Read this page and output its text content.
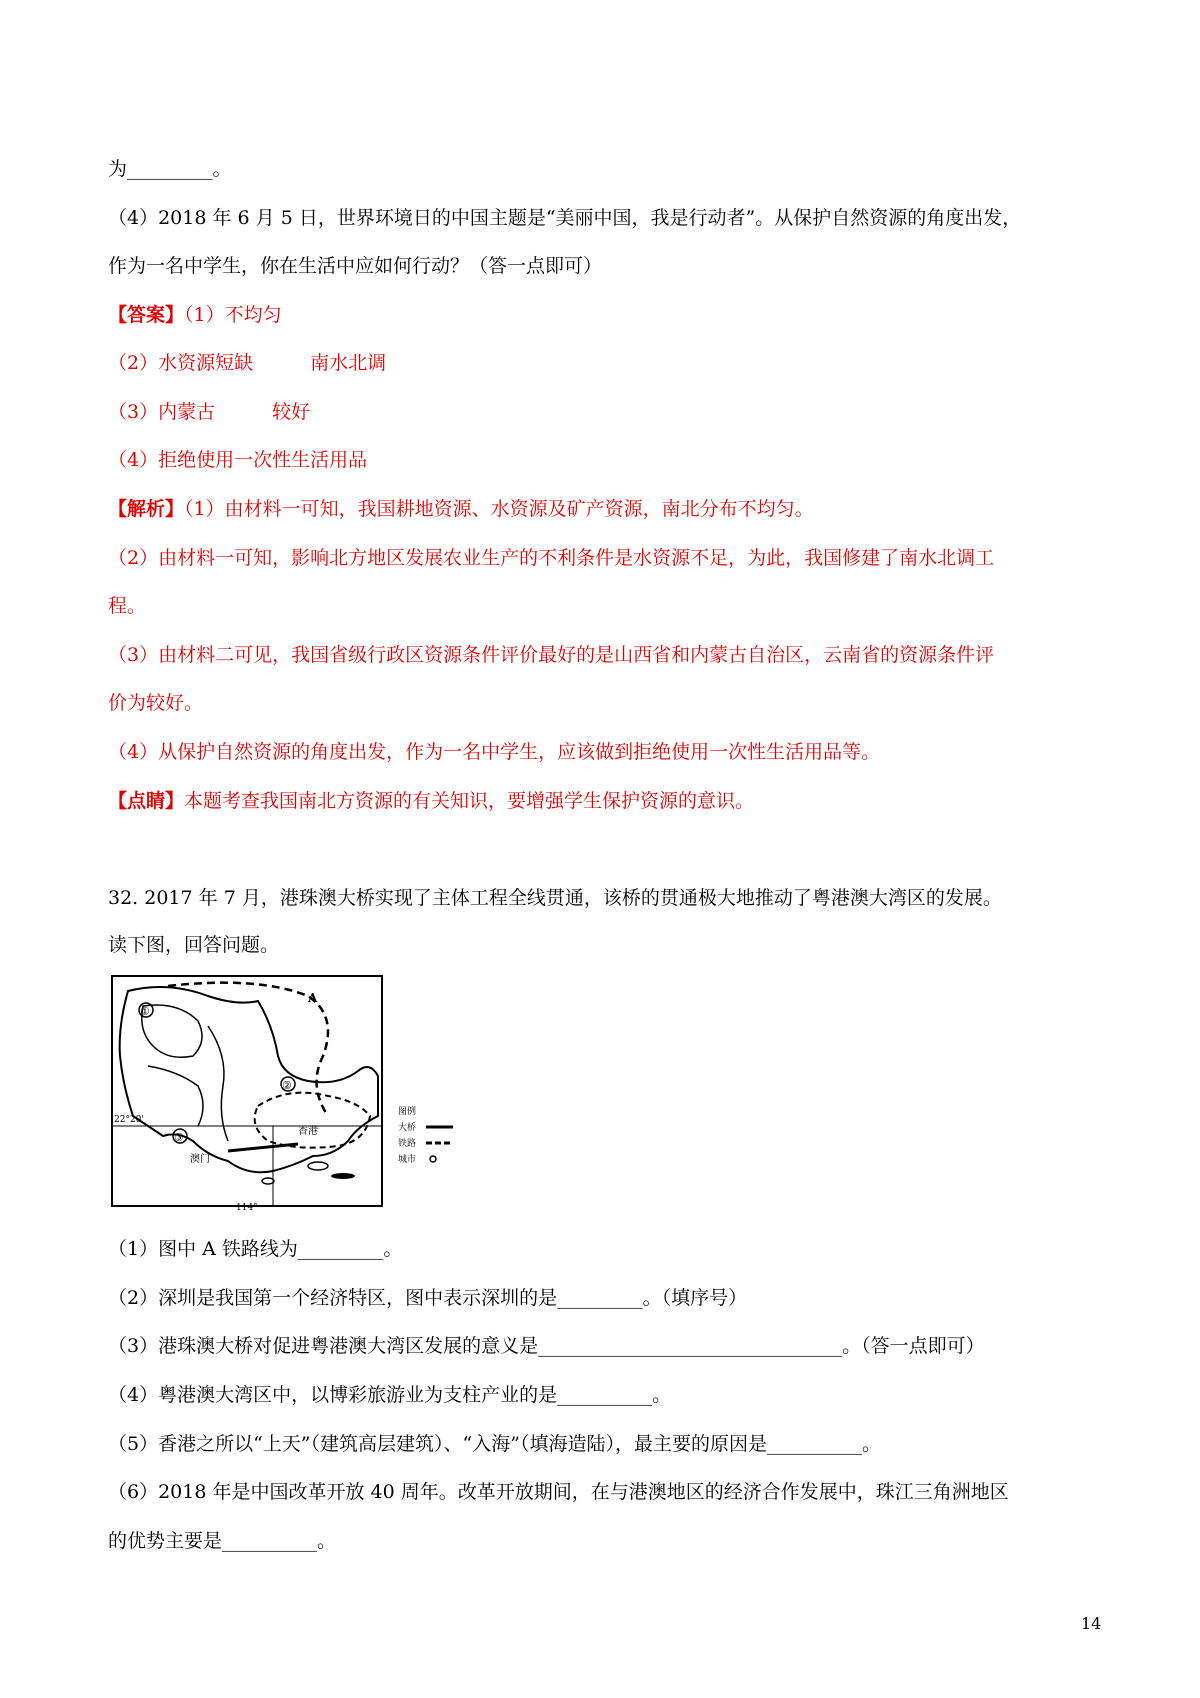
为_________。
（4）2018 年 6 月 5 日，世界环境日的中国主题是“美丽中国，我是行动者”。从保护自然资源的角度出发，
作为一名中学生，你在生活中应如何行动？（答一点即可）
【答案】（1）不均匀
（2）水资源短缺　　　南水北调
（3）内蒙古　　　较好
（4）拒绝使用一次性生活用品
【解析】（1）由材料一可知，我国耕地资源、水资源及矿产资源，南北分布不均匀。
（2）由材料一可知，影响北方地区发展农业生产的不利条件是水资源不足，为此，我国修建了南水北调工
程。
（3）由材料二可见，我国省级行政区资源条件评价最好的是山西省和内蒙古自治区，云南省的资源条件评
价为较好。
（4）从保护自然资源的角度出发，作为一名中学生，应该做到拒绝使用一次性生活用品等。
【点睛】本题考查我国南北方资源的有关知识，要增强学生保护资源的意识。
32. 2017 年 7 月，港珠澳大桥实现了主体工程全线贯通，该桥的贯通极大地推动了粤港澳大湾区的发展。
读下图，回答问题。
①
②
③
A
22°20'
114°
澳门
香港
图例
大桥
铁路
城市
（1）图中 A 铁路线为_________。
（2）深圳是我国第一个经济特区，图中表示深圳的是_________。（填序号）
（3）港珠澳大桥对促进粤港澳大湾区发展的意义是________________________________。（答一点即可）
（4）粤港澳大湾区中，以博彩旅游业为支柱产业的是__________。
（5）香港之所以“上天”（建筑高层建筑）、“入海”（填海造陆），最主要的原因是__________。
（6）2018 年是中国改革开放 40 周年。改革开放期间，在与港澳地区的经济合作发展中，珠江三角洲地区
的优势主要是__________。
14
